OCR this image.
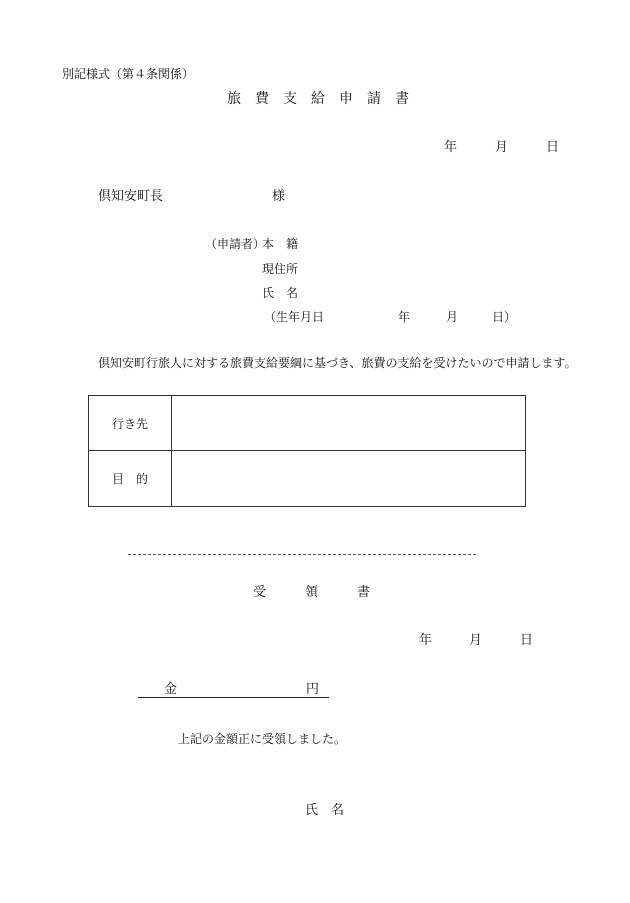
別記様式（第４条関係）
旅　費　支　給　申　請　書
年	月	日
倶知安町長	様
（申請者）
本　籍
現住所
氏　名
（生年月日	年	月	日）
倶知安町行旅人に対する旅費支給要綱に基づき、旅費の支給を受けたいので申請します。
行き先	
目　的	
受　　　領　　　書
年	月	日
金	円
上記の金額正に受領しました。
氏　名
